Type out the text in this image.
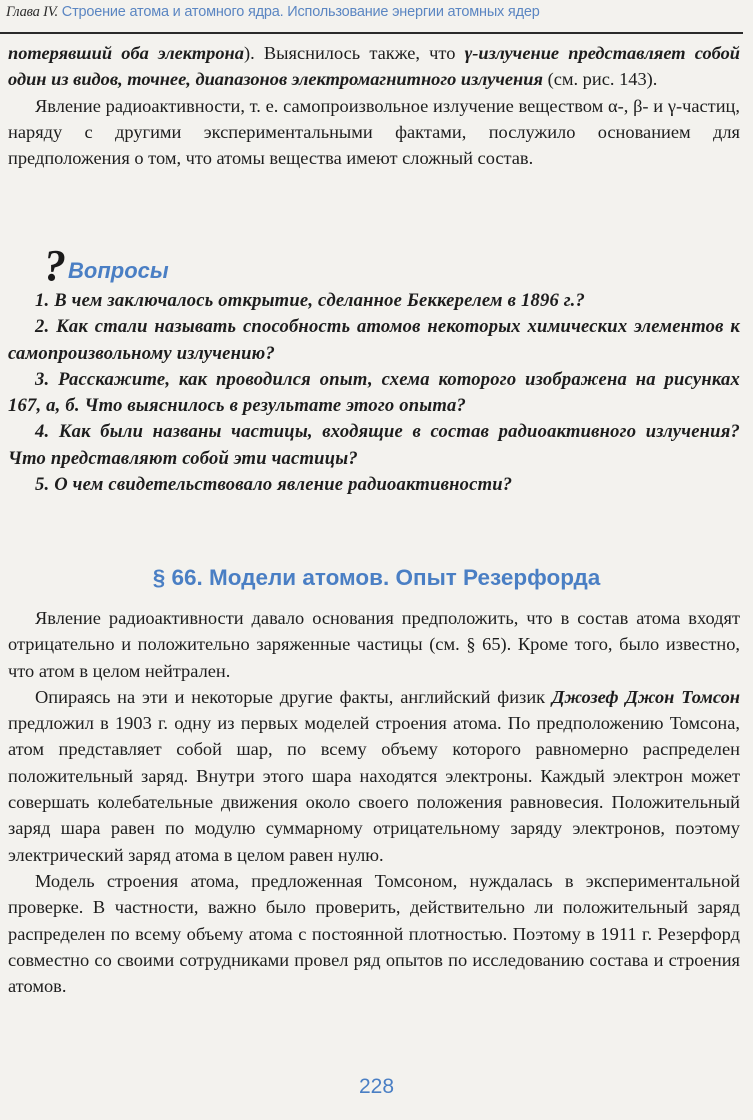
Глава IV. Строение атома и атомного ядра. Использование энергии атомных ядер

потерявший оба электрона). Выяснилось также, что γ-излучение представляет собой один из видов, точнее, диапазонов электромагнитного излучения (см. рис. 143).

Явление радиоактивности, т. е. самопроизвольное излучение веществом α-, β- и γ-частиц, наряду с другими экспериментальными фактами, послужило основанием для предположения о том, что атомы вещества имеют сложный состав.

? Вопросы

1. В чем заключалось открытие, сделанное Беккерелем в 1896 г.?

2. Как стали называть способность атомов некоторых химических элементов к самопроизвольному излучению?

3. Расскажите, как проводился опыт, схема которого изображена на рисунках 167, а, б. Что выяснилось в результате этого опыта?

4. Как были названы частицы, входящие в состав радиоактивного излучения? Что представляют собой эти частицы?

5. О чем свидетельствовало явление радиоактивности?

§ 66. Модели атомов. Опыт Резерфорда

Явление радиоактивности давало основания предположить, что в состав атома входят отрицательно и положительно заряженные частицы (см. § 65). Кроме того, было известно, что атом в целом нейтрален.

Опираясь на эти и некоторые другие факты, английский физик Джозеф Джон Томсон предложил в 1903 г. одну из первых моделей строения атома. По предположению Томсона, атом представляет собой шар, по всему объему которого равномерно распределен положительный заряд. Внутри этого шара находятся электроны. Каждый электрон может совершать колебательные движения около своего положения равновесия. Положительный заряд шара равен по модулю суммарному отрицательному заряду электронов, поэтому электрический заряд атома в целом равен нулю.

Модель строения атома, предложенная Томсоном, нуждалась в экспериментальной проверке. В частности, важно было проверить, действительно ли положительный заряд распределен по всему объему атома с постоянной плотностью. Поэтому в 1911 г. Резерфорд совместно со своими сотрудниками провел ряд опытов по исследованию состава и строения атомов.

228
